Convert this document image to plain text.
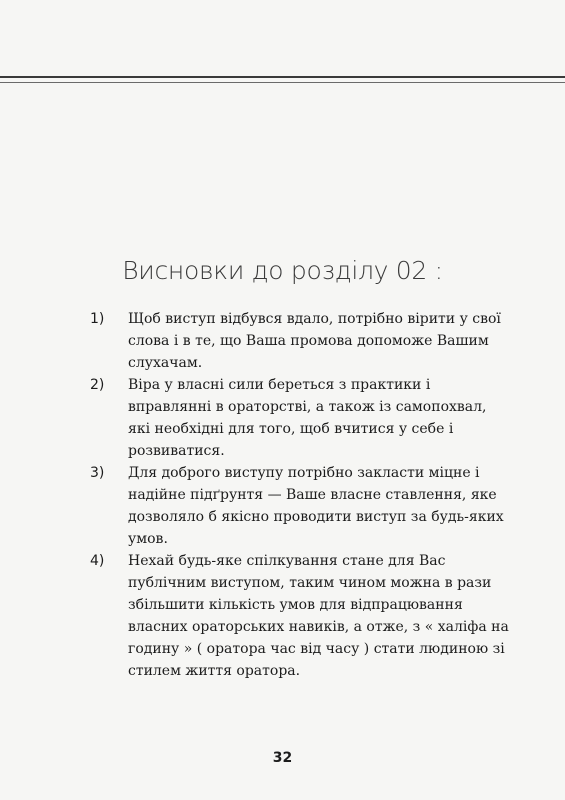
Висновки до розділу 02 :
1)	Щоб виступ відбувся вдало, потрібно вірити у свої слова і в те, що Ваша промова допоможе Вашим слухачам.
2)	Віра у власні сили береться з практики і вправлянні в ораторстві, а також із самопохвал, які необхідні для того, щоб вчитися у себе і розвиватися.
3)	Для доброго виступу потрібно закласти міцне і надійне підґрунтя — Ваше власне ставлення, яке дозволяло б якісно проводити виступ за будь-яких умов.
4)	Нехай будь-яке спілкування стане для Вас публічним виступом, таким чином можна в рази збільшити кількість умов для відпрацювання власних ораторських навиків, а отже, з « халіфа на годину » ( оратора час від часу ) стати людиною зі стилем життя оратора.
32
